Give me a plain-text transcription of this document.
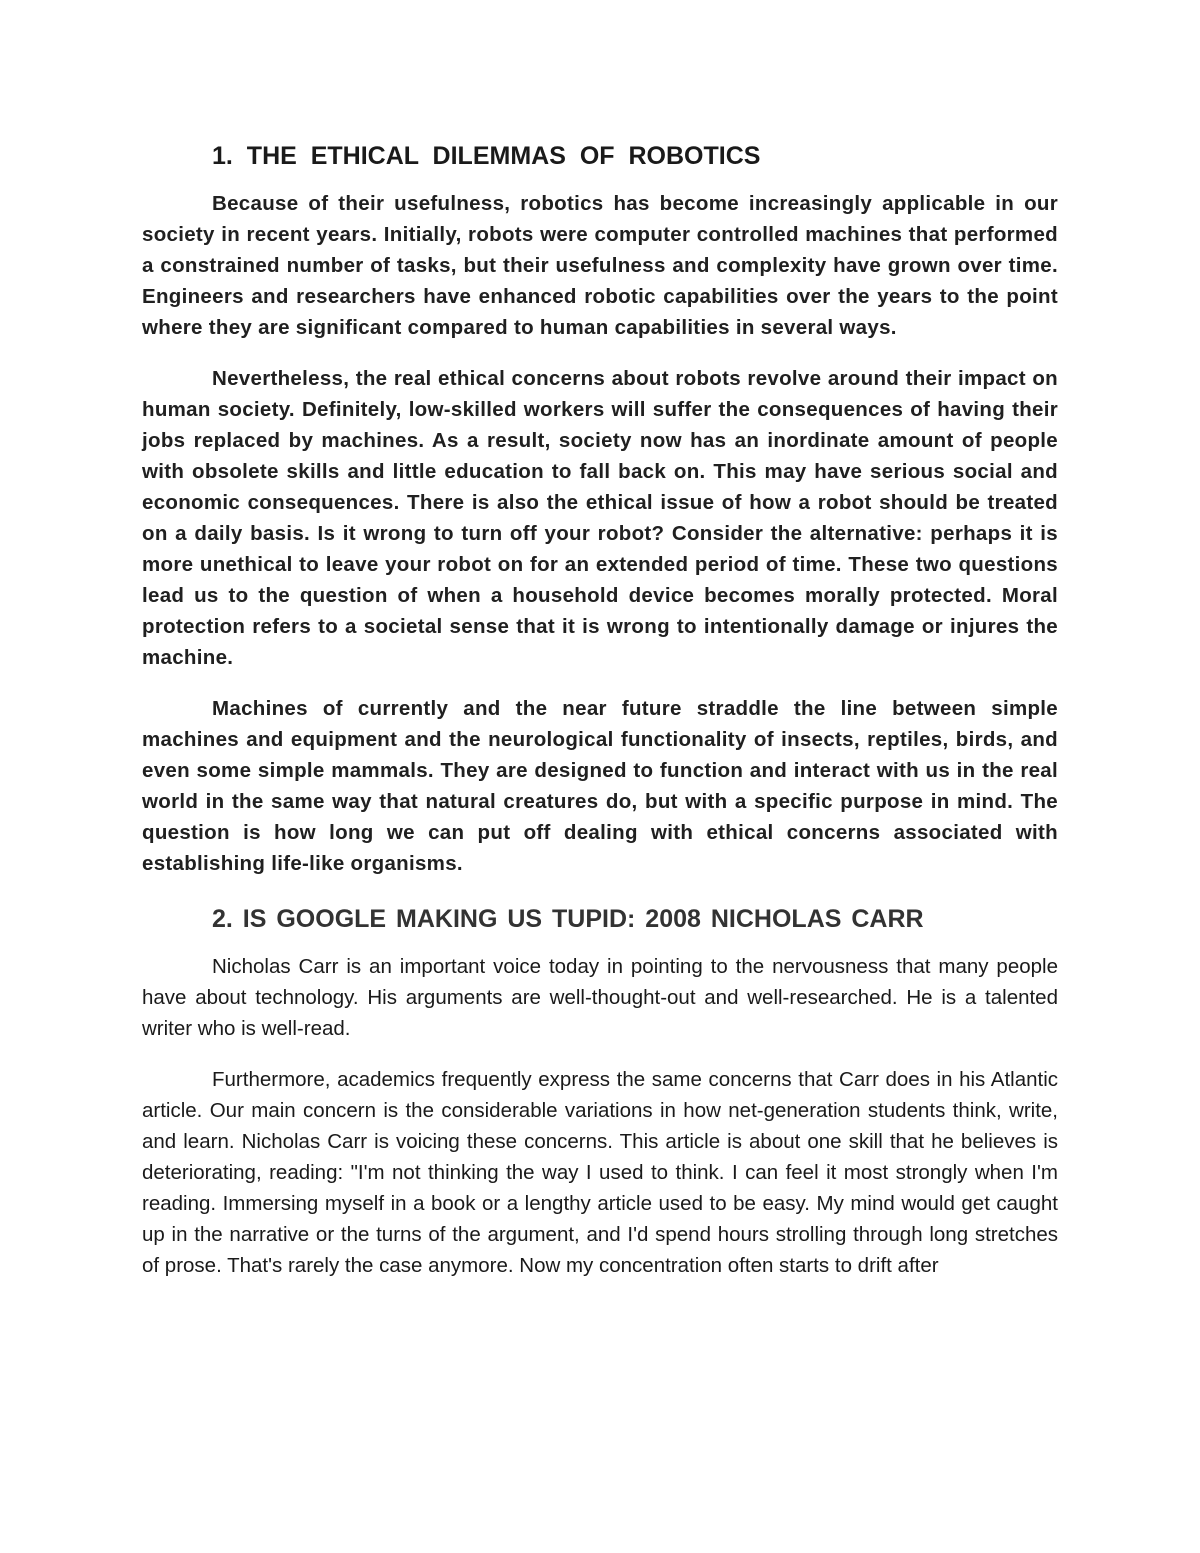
1. THE ETHICAL DILEMMAS OF ROBOTICS

Because of their usefulness, robotics has become increasingly applicable in our society in recent years. Initially, robots were computer controlled machines that performed a constrained number of tasks, but their usefulness and complexity have grown over time. Engineers and researchers have enhanced robotic capabilities over the years to the point where they are significant compared to human capabilities in several ways.

Nevertheless, the real ethical concerns about robots revolve around their impact on human society. Definitely, low-skilled workers will suffer the consequences of having their jobs replaced by machines. As a result, society now has an inordinate amount of people with obsolete skills and little education to fall back on. This may have serious social and economic consequences. There is also the ethical issue of how a robot should be treated on a daily basis. Is it wrong to turn off your robot? Consider the alternative: perhaps it is more unethical to leave your robot on for an extended period of time. These two questions lead us to the question of when a household device becomes morally protected. Moral protection refers to a societal sense that it is wrong to intentionally damage or injures the machine.

Machines of currently and the near future straddle the line between simple machines and equipment and the neurological functionality of insects, reptiles, birds, and even some simple mammals. They are designed to function and interact with us in the real world in the same way that natural creatures do, but with a specific purpose in mind. The question is how long we can put off dealing with ethical concerns associated with establishing life-like organisms.

2. IS GOOGLE MAKING US TUPID: 2008 NICHOLAS CARR

Nicholas Carr is an important voice today in pointing to the nervousness that many people have about technology. His arguments are well-thought-out and well-researched. He is a talented writer who is well-read.

Furthermore, academics frequently express the same concerns that Carr does in his Atlantic article. Our main concern is the considerable variations in how net-generation students think, write, and learn. Nicholas Carr is voicing these concerns. This article is about one skill that he believes is deteriorating, reading: "I'm not thinking the way I used to think. I can feel it most strongly when I'm reading. Immersing myself in a book or a lengthy article used to be easy. My mind would get caught up in the narrative or the turns of the argument, and I'd spend hours strolling through long stretches of prose. That's rarely the case anymore. Now my concentration often starts to drift after
